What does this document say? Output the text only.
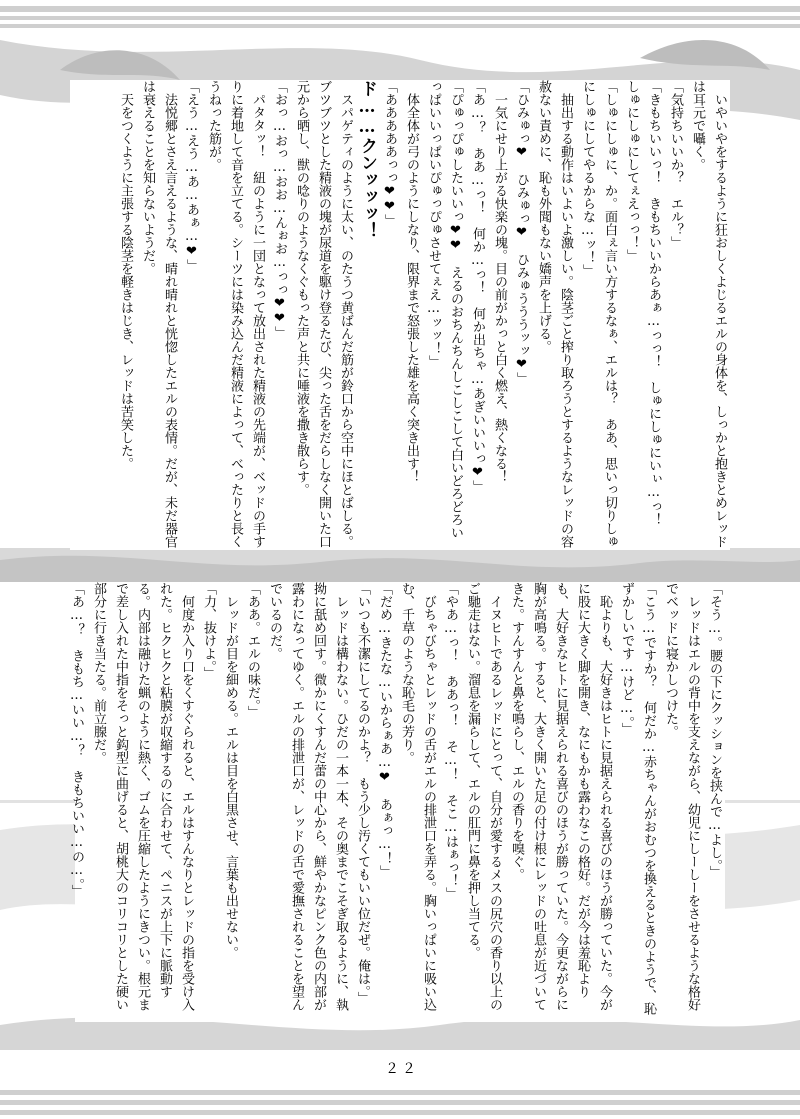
　いやいやをするように狂おしくよじるエルの身体を、しっかと抱きとめレッドは耳元で囁く。

「気持ちいいか？　エル？」

「きもちいいっ！　きもちいいからあぁ…っっ！　しゅにしゅにいぃ…っ！　しゅにしゅにしてぇえっっ！」

「しゅにしゅに、か。面白ぇ言い方するなぁ、エルは？　ああ、思いっ切りしゅにしゅにしてやるからな…ッ！」

　抽出する動作はいよいよ激しい。陰茎ごと搾り取ろうとするようなレッドの容赦ない責めに、恥も外聞もない嬌声を上げる。

「ひみゅっ❤　ひみゅっ❤　ひみゅうううッッ❤」

　一気にせり上がる快楽の塊。目の前がかっと白く燃え、熱くなる！

「あ…？　ああ…っ！　何か…っ！　何か出ちゃ…あぎいいいっ❤」

「ぴゅっぴゅしたいいっ❤❤　えるのおちんちんしこしこして白いどろどろいっぱいいっぱいぴゅっぴゅさせてぇえ…ッッ！」

　体全体が弓のようにしなり、限界まで怒張した雄を高く突き出す！

「あああああっっ❤❤」

ド……クンッッッ！

　スパゲティのように太い、のたうつ黄ばんだ筋が鈴口から空中にほとばしる。ブツブツとした精液の塊が尿道を駆け登るたび、尖った舌をだらしなく開いた口元から晒し、獣の唸りのようなくぐもった声と共に唾液を撒き散らす。

「おっ…おっ…おお…んぉお…っっ❤❤」

　パタタッ！　紐のように一団となって放出された精液の先端が、ベッドの手すりに着地して音を立てる。シーツには染み込んだ精液によって、べったりと長くうねった筋が。

「えう…えう…あ…あぁ…❤」

　法悦郷とさえ言えるような、晴れ晴れと恍惚したエルの表情。だが、未だ器官は衰えることを知らないようだ。

　天をつくように主張する陰茎を軽きはじき、レッドは苦笑した。

「そう…。腰の下にクッションを挟んで…よし。」

　レッドはエルの背中を支えながら、幼児にしーしーをさせるような格好でベッドに寝かしつけた。

「こう…ですか？　何だか…赤ちゃんがおむつを換えるときのようで、恥ずかしいです…けど…。」

　恥よりも、大好きはヒトに見据えられる喜びのほうが勝っていた。今がに股に大きく脚を開き、なにもかも露わなこの格好。だが今は羞恥よりも、大好きなヒトに見据えられる喜びのほうが勝っていた。今更ながらに胸が高鳴る。すると、大きく開いた足の付け根にレッドの吐息が近づいてきた。すんすんと鼻を鳴らし、エルの香りを嗅ぐ。

　イヌヒトであるレッドにとって、自分が愛するメスの尻穴の香り以上のご馳走はない。溜息を漏らして、エルの肛門に鼻を押し当てる。

「やあ…っ！　ああっ！　そ…！　そこ…はぁっ！」

　びちゃびちゃとレッドの舌がエルの排泄口を弄る。胸いっぱいに吸い込む、千草のような恥毛の芳り。

「だめ…きたな…いからぁあ…❤　あぁっ…！」

「いつも不潔にしてるのかよ？　もう少し汚くてもいい位だぜ。俺は。」

　レッドは構わない。ひだの一本一本、その奥までこそぎ取るように、執拗に舐め回す。微かにくすんだ蕾の中心から、鮮やかなピンク色の内部が露わになってゆく。エルの排泄口が、レッドの舌で愛撫されることを望んでいるのだ。

「ああ。エルの味だ。」

　レッドが目を細める。エルは目を白黒させ、言葉も出せない。

「力、抜けよ。」

　何度か入り口をくすぐられると、エルはすんなりとレッドの指を受け入れた。ヒクヒクと粘膜が収縮するのに合わせて、ペニスが上下に脈動する。内部は融けた蝋のように熱く、ゴムを圧縮したようにきつい。根元まで差し入れた中指をそっと鈎型に曲げると、胡桃大のコリコリとした硬い部分に行き当たる。前立腺だ。

「あ…？　きもち…いい…？　きもちいい…の…。」

２２
